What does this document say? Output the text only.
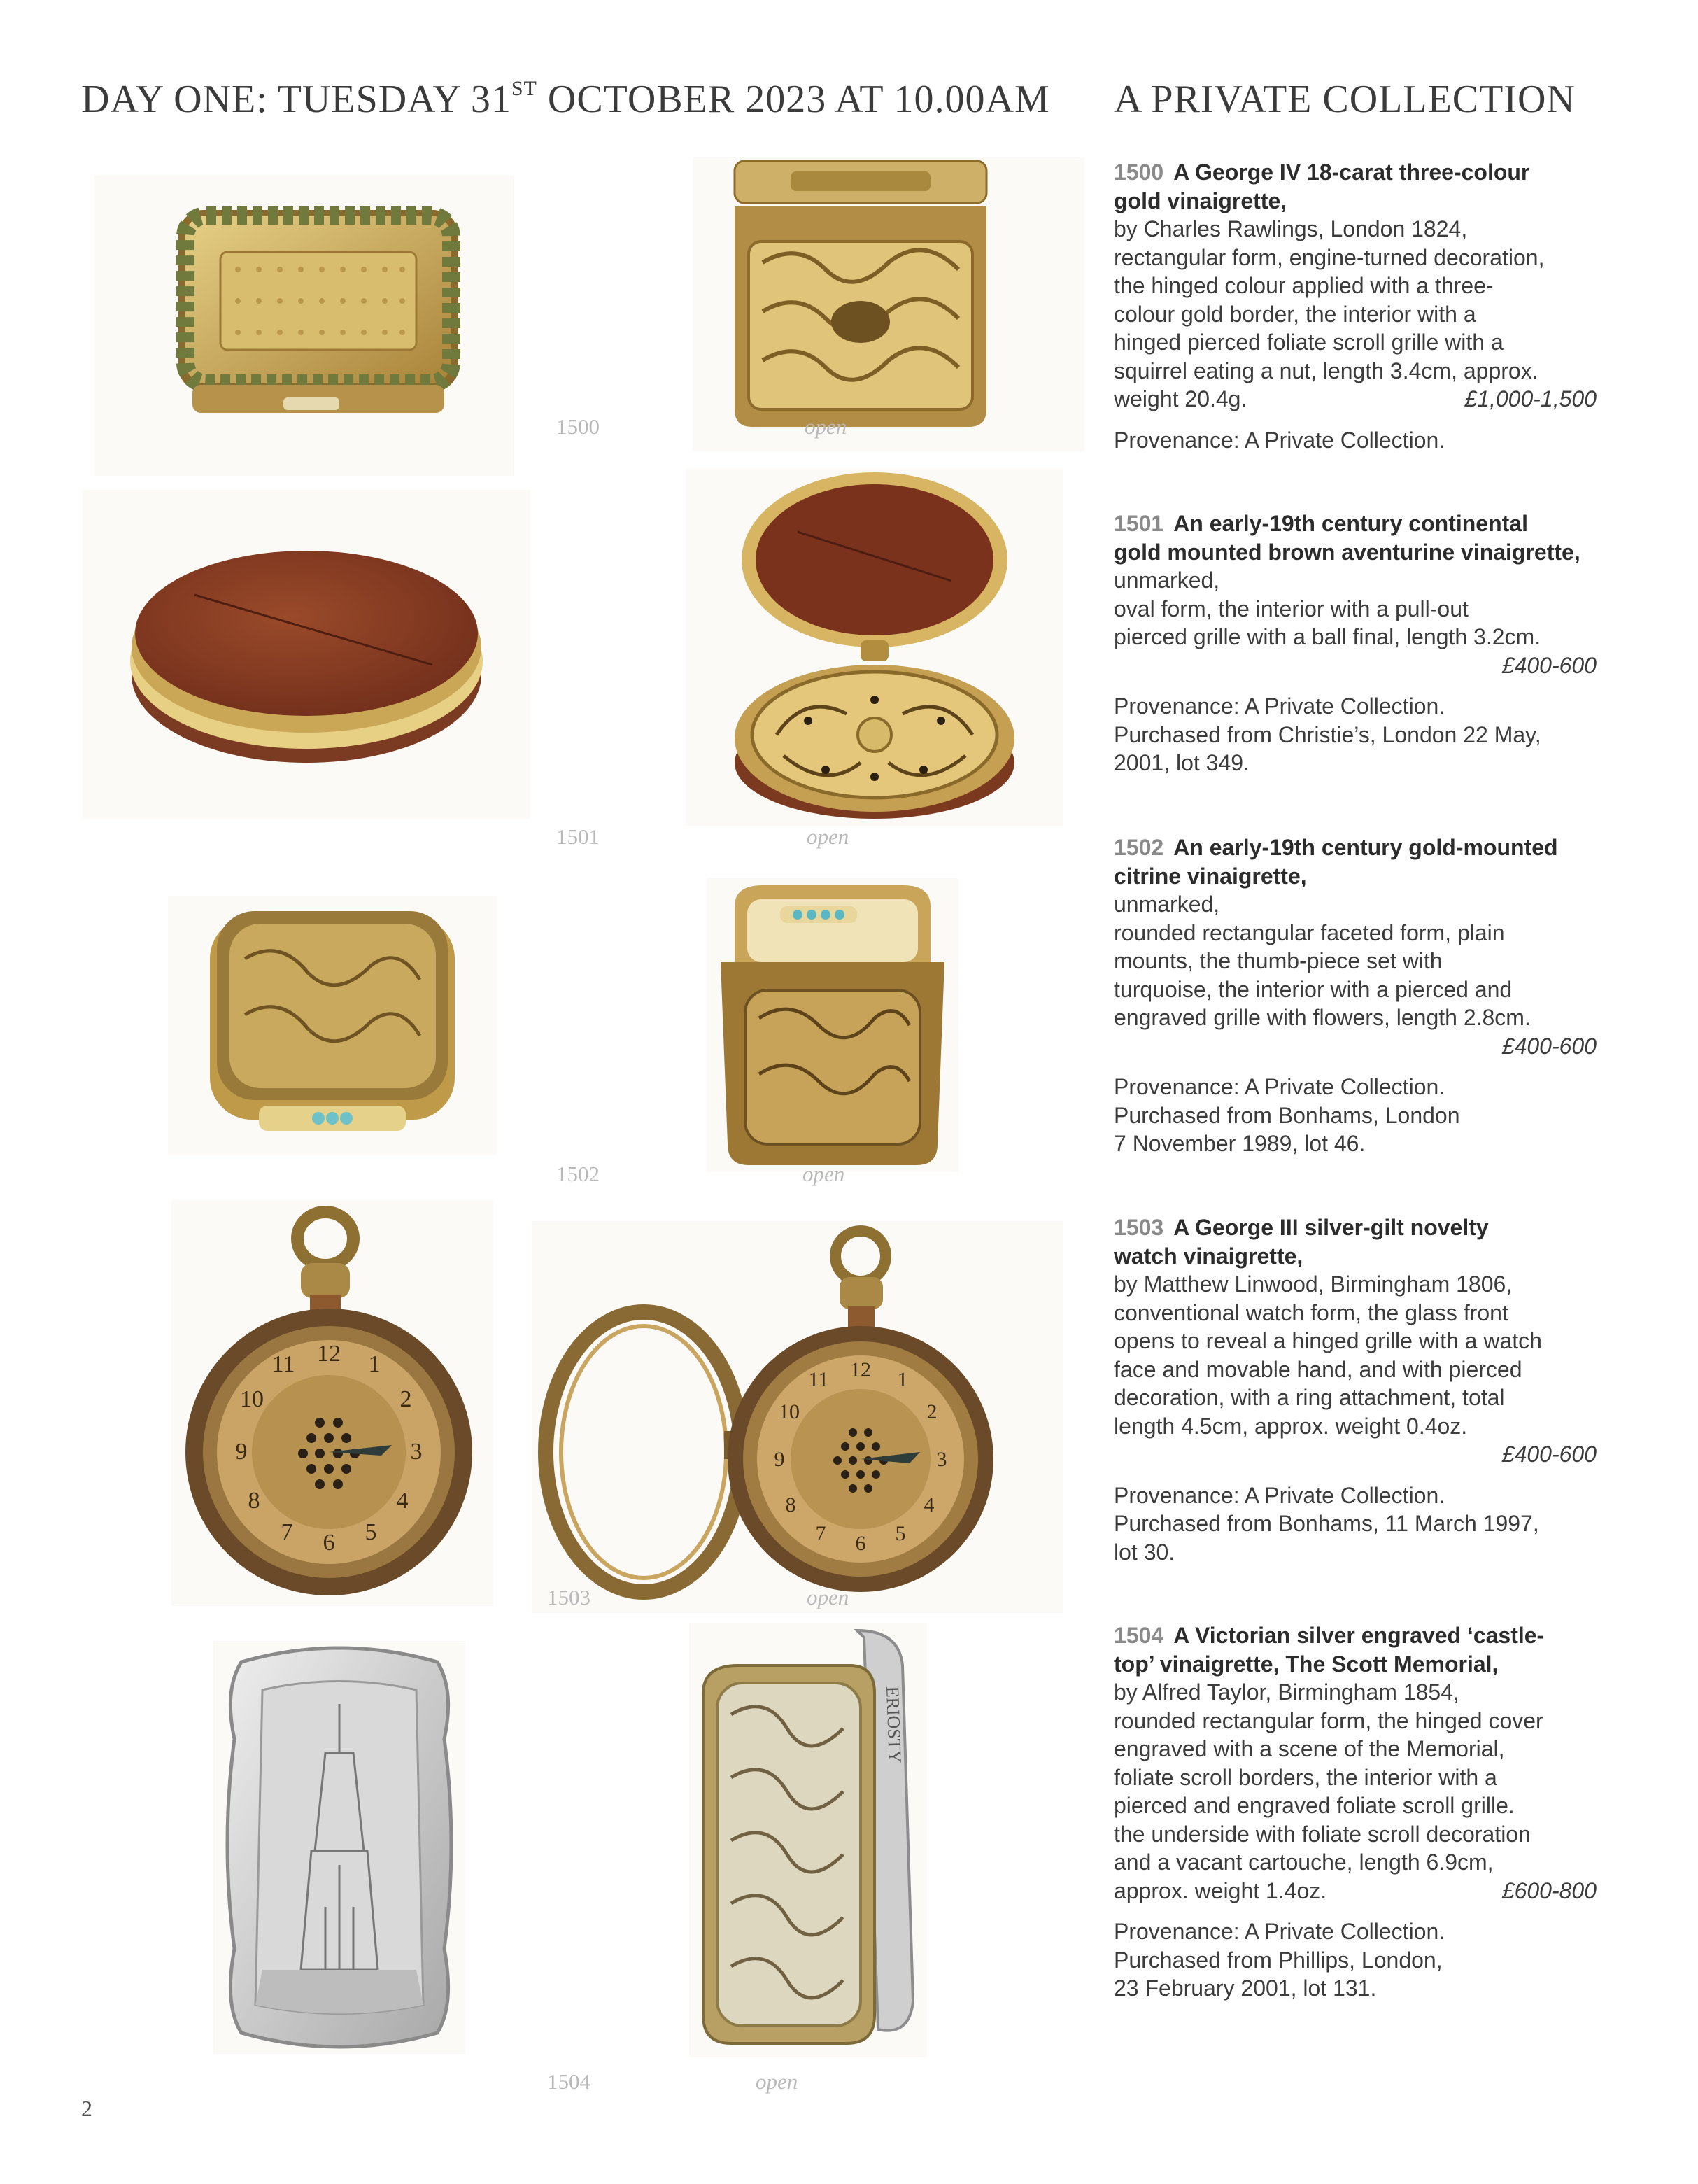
DAY ONE: TUESDAY 31ST OCTOBER 2023 AT 10.00AM A PRIVATE COLLECTION
1500	open
1501	open
1502	open
12 1
2
3
4
5
6
7
8
9
10
11	12 1
2
3
4
5
6
7
8
9
10
11
1503	open
ERIOSTY
1504	open
1500 A George IV 18-carat three-colour
gold vinaigrette,
by Charles Rawlings, London 1824,
rectangular form, engine-turned decoration,
the hinged colour applied with a three-
colour gold border, the interior with a
hinged pierced foliate scroll grille with a
squirrel eating a nut, length 3.4cm, approx.
weight 20.4g.	£1,000-1,500
Provenance: A Private Collection.
1501 An early-19th century continental
gold mounted brown aventurine vinaigrette,
unmarked,
oval form, the interior with a pull-out
pierced grille with a ball final, length 3.2cm.
£400-600
Provenance: A Private Collection.
Purchased from Christie’s, London 22 May,
2001, lot 349.
1502 An early-19th century gold-mounted
citrine vinaigrette,
unmarked,
rounded rectangular faceted form, plain
mounts, the thumb-piece set with
turquoise, the interior with a pierced and
engraved grille with flowers, length 2.8cm.
£400-600
Provenance: A Private Collection.
Purchased from Bonhams, London
7 November 1989, lot 46.
1503 A George III silver-gilt novelty
watch vinaigrette,
by Matthew Linwood, Birmingham 1806,
conventional watch form, the glass front
opens to reveal a hinged grille with a watch
face and movable hand, and with pierced
decoration, with a ring attachment, total
length 4.5cm, approx. weight 0.4oz.
£400-600
Provenance: A Private Collection.
Purchased from Bonhams, 11 March 1997,
lot 30.
1504 A Victorian silver engraved ‘castle-
top’ vinaigrette, The Scott Memorial,
by Alfred Taylor, Birmingham 1854,
rounded rectangular form, the hinged cover
engraved with a scene of the Memorial,
foliate scroll borders, the interior with a
pierced and engraved foliate scroll grille.
the underside with foliate scroll decoration
and a vacant cartouche, length 6.9cm,
approx. weight 1.4oz.	£600-800
Provenance: A Private Collection.
Purchased from Phillips, London,
23 February 2001, lot 131.
2
